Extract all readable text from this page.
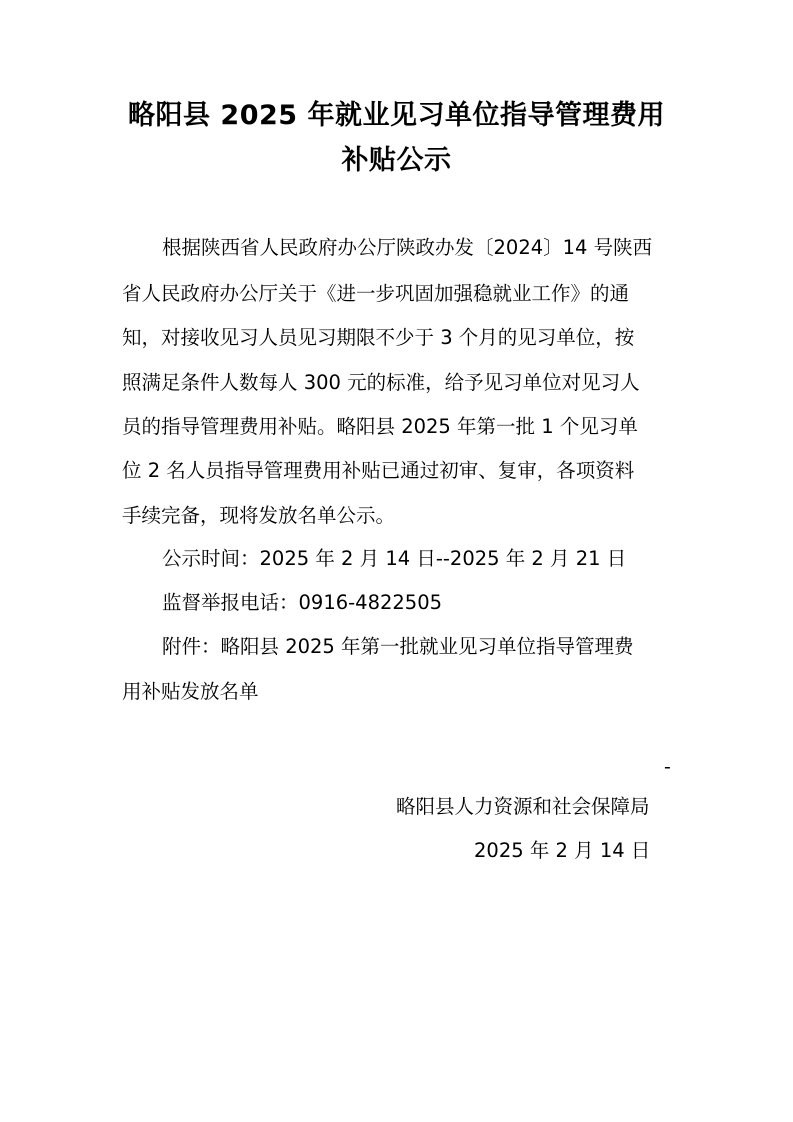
略阳县 2025 年就业见习单位指导管理费用
补贴公示
根据陕西省人民政府办公厅陕政办发〔2024〕14 号陕西
省人民政府办公厅关于《进一步巩固加强稳就业工作》的通
知，对接收见习人员见习期限不少于 3 个月的见习单位，按
照满足条件人数每人 300 元的标准，给予见习单位对见习人
员的指导管理费用补贴。略阳县 2025 年第一批 1 个见习单
位 2 名人员指导管理费用补贴已通过初审、复审，各项资料
手续完备，现将发放名单公示。
公示时间：2025 年 2 月 14 日--2025 年 2 月 21 日
监督举报电话：0916-4822505
附件：略阳县 2025 年第一批就业见习单位指导管理费
用补贴发放名单
-
略阳县人力资源和社会保障局
2025 年 2 月 14 日
